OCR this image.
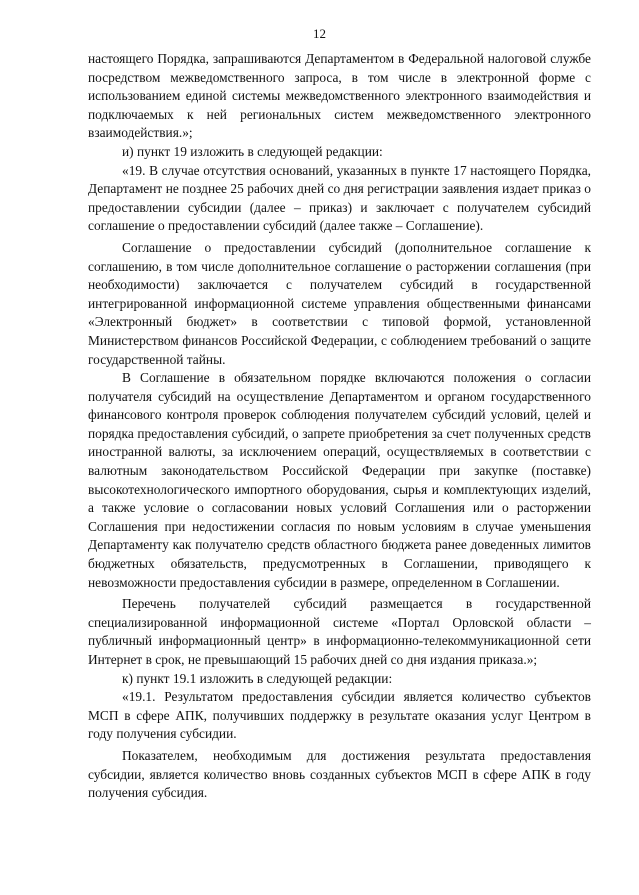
12

настоящего Порядка, запрашиваются Департаментом в Федеральной налоговой службе посредством межведомственного запроса, в том числе в электронной форме с использованием единой системы межведомственного электронного взаимодействия и подключаемых к ней региональных систем межведомственного электронного взаимодействия.»;

и) пункт 19 изложить в следующей редакции:

«19. В случае отсутствия оснований, указанных в пункте 17 настоящего Порядка, Департамент не позднее 25 рабочих дней со дня регистрации заявления издает приказ о предоставлении субсидии (далее – приказ) и заключает с получателем субсидий соглашение о предоставлении субсидий (далее также – Соглашение).

Соглашение о предоставлении субсидий (дополнительное соглашение к соглашению, в том числе дополнительное соглашение о расторжении соглашения (при необходимости) заключается с получателем субсидий в государственной интегрированной информационной системе управления общественными финансами «Электронный бюджет» в соответствии с типовой формой, установленной Министерством финансов Российской Федерации, с соблюдением требований о защите государственной тайны.

В Соглашение в обязательном порядке включаются положения о согласии получателя субсидий на осуществление Департаментом и органом государственного финансового контроля проверок соблюдения получателем субсидий условий, целей и порядка предоставления субсидий, о запрете приобретения за счет полученных средств иностранной валюты, за исключением операций, осуществляемых в соответствии с валютным законодательством Российской Федерации при закупке (поставке) высокотехнологического импортного оборудования, сырья и комплектующих изделий, а также условие о согласовании новых условий Соглашения или о расторжении Соглашения при недостижении согласия по новым условиям в случае уменьшения Департаменту как получателю средств областного бюджета ранее доведенных лимитов бюджетных обязательств, предусмотренных в Соглашении, приводящего к невозможности предоставления субсидии в размере, определенном в Соглашении.

Перечень получателей субсидий размещается в государственной специализированной информационной системе «Портал Орловской области – публичный информационный центр» в информационно-телекоммуникационной сети Интернет в срок, не превышающий 15 рабочих дней со дня издания приказа.»;

к) пункт 19.1 изложить в следующей редакции:

«19.1. Результатом предоставления субсидии является количество субъектов МСП в сфере АПК, получивших поддержку в результате оказания услуг Центром в году получения субсидии.

Показателем, необходимым для достижения результата предоставления субсидии, является количество вновь созданных субъектов МСП в сфере АПК в году получения субсидия.
